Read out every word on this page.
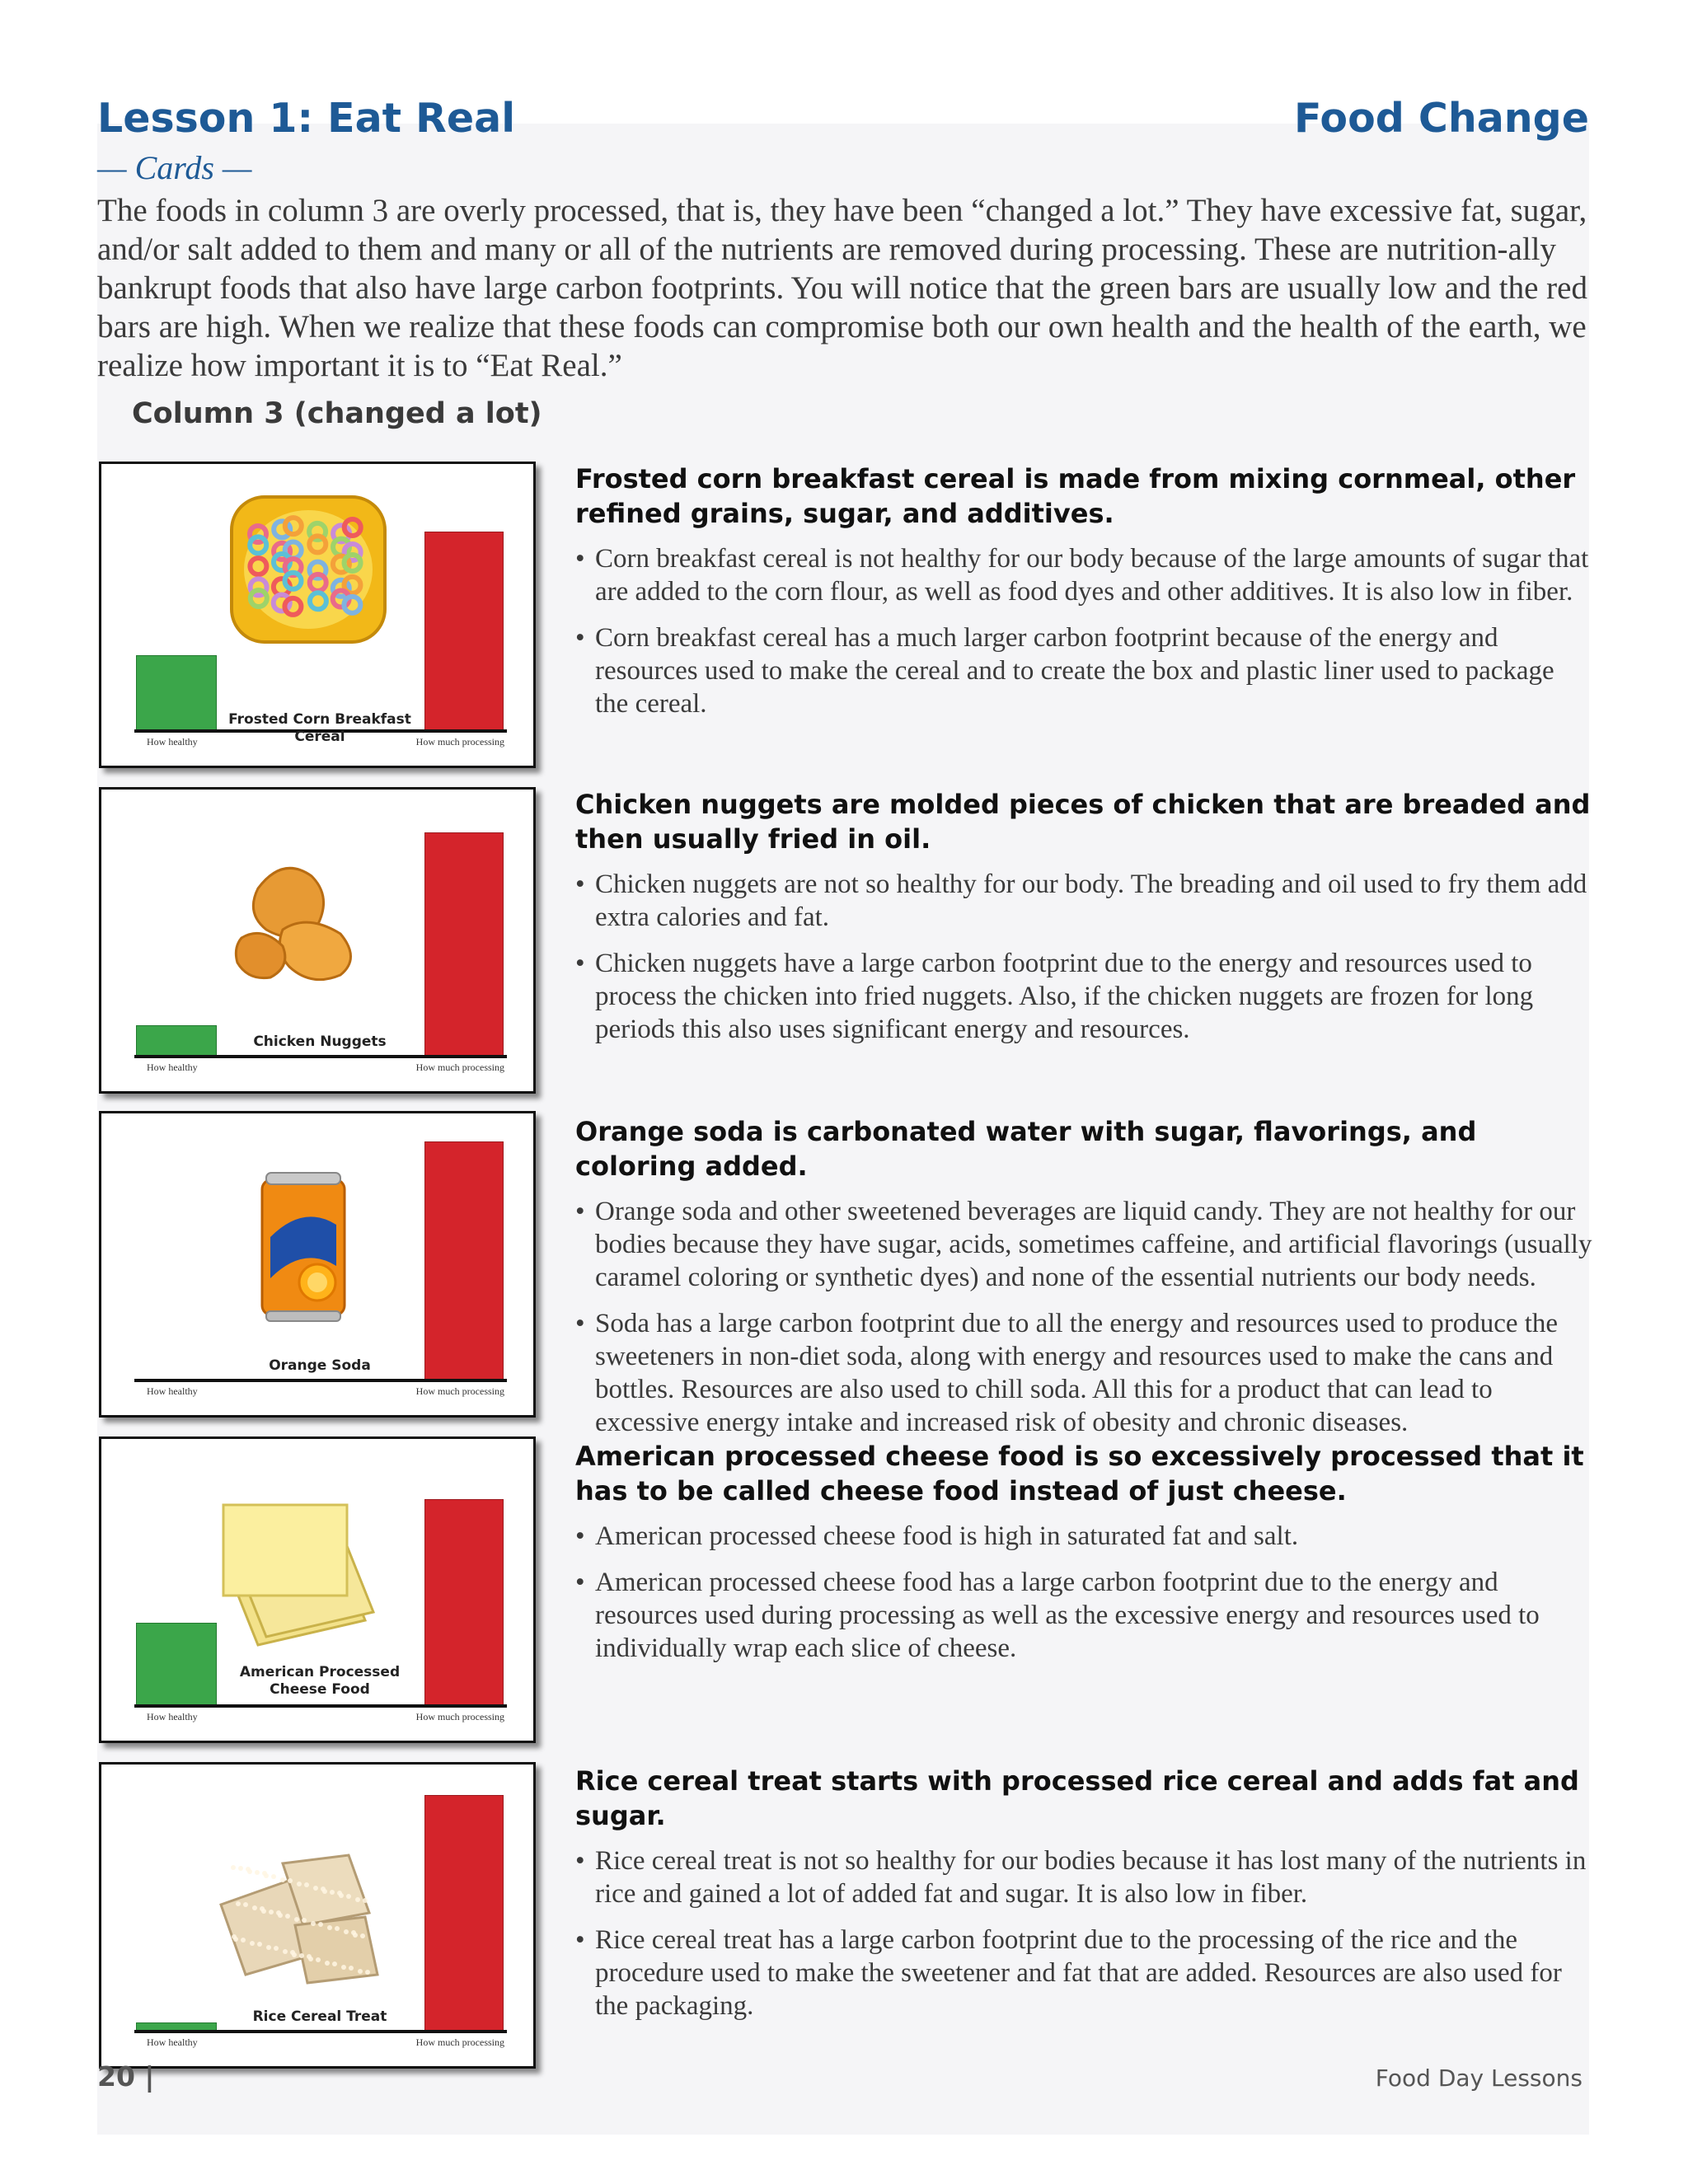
Lesson 1: Eat Real	Food Change
— Cards —
The foods in column 3 are overly processed, that is, they have been “changed a lot.” They have excessive fat, sugar, and/or salt added to them and many or all of the nutrients are removed during processing. These are nutrition-ally bankrupt foods that also have large carbon footprints. You will notice that the green bars are usually low and the red bars are high. When we realize that these foods can compromise both our own health and the health of the earth, we realize how important it is to “Eat Real.”
Column 3 (changed a lot)
Frosted Corn Breakfast Cereal
How healthy	How much processing
Frosted corn breakfast cereal is made from mixing cornmeal, other refined grains, sugar, and additives.
• Corn breakfast cereal is not healthy for our body because of the large amounts of sugar that are added to the corn flour, as well as food dyes and other additives. It is also low in fiber.
• Corn breakfast cereal has a much larger carbon footprint because of the energy and resources used to make the cereal and to create the box and plastic liner used to package the cereal.
Chicken Nuggets
How healthy	How much processing
Chicken nuggets are molded pieces of chicken that are breaded and then usually fried in oil.
• Chicken nuggets are not so healthy for our body. The breading and oil used to fry them add extra calories and fat.
• Chicken nuggets have a large carbon footprint due to the energy and resources used to process the chicken into fried nuggets. Also, if the chicken nuggets are frozen for long periods this also uses significant energy and resources.
Orange Soda
How healthy	How much processing
Orange soda is carbonated water with sugar, flavorings, and coloring added.
• Orange soda and other sweetened beverages are liquid candy. They are not healthy for our bodies because they have sugar, acids, sometimes caffeine, and artificial flavorings (usually caramel coloring or synthetic dyes) and none of the essential nutrients our body needs.
• Soda has a large carbon footprint due to all the energy and resources used to produce the sweeteners in non-diet soda, along with energy and resources used to make the cans and bottles. Resources are also used to chill soda. All this for a product that can lead to excessive energy intake and increased risk of obesity and chronic diseases.
American Processed Cheese Food
How healthy	How much processing
American processed cheese food is so excessively processed that it has to be called cheese food instead of just cheese.
• American processed cheese food is high in saturated fat and salt.
• American processed cheese food has a large carbon footprint due to the energy and resources used during processing as well as the excessive energy and resources used to individually wrap each slice of cheese.
Rice Cereal Treat
How healthy	How much processing
Rice cereal treat starts with processed rice cereal and adds fat and sugar.
• Rice cereal treat is not so healthy for our bodies because it has lost many of the nutrients in rice and gained a lot of added fat and sugar. It is also low in fiber.
• Rice cereal treat has a large carbon footprint due to the processing of the rice and the procedure used to make the sweetener and fat that are added. Resources are also used for the packaging.
20 |	Food Day Lessons
